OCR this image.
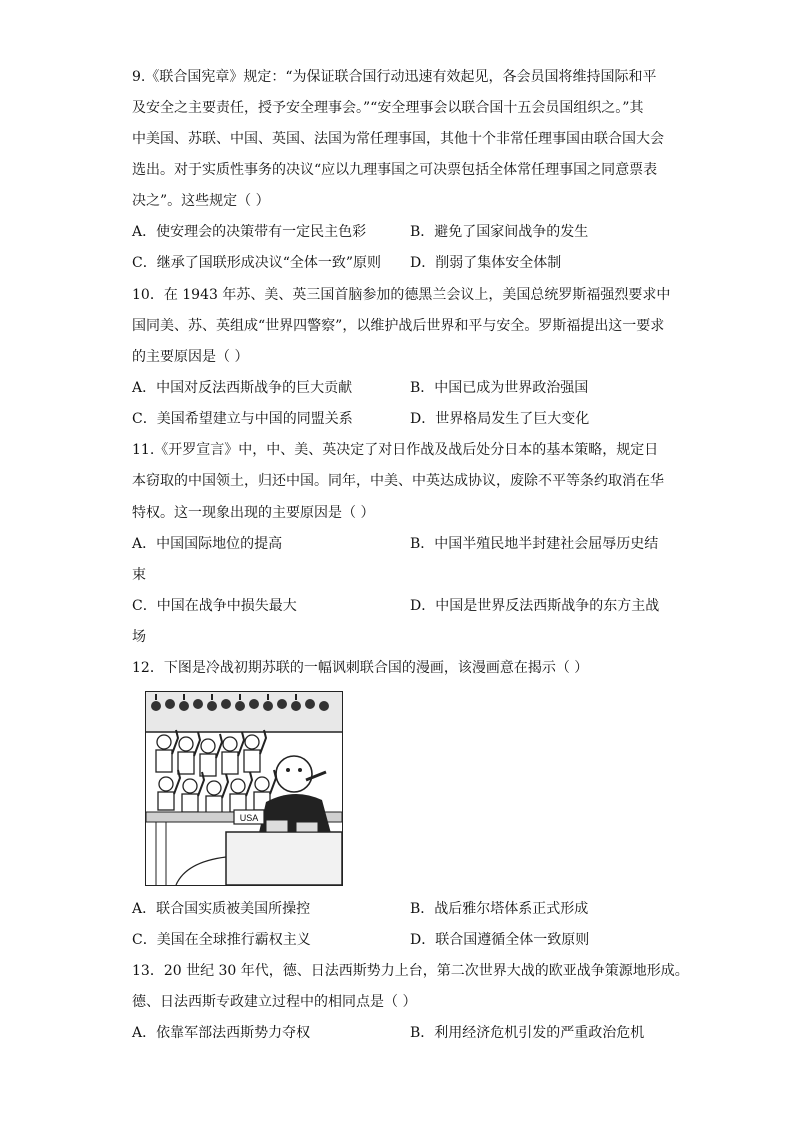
9.《联合国宪章》规定：“为保证联合国行动迅速有效起见，各会员国将维持国际和平
及安全之主要责任，授予安全理事会。”“安全理事会以联合国十五会员国组织之。”其
中美国、苏联、中国、英国、法国为常任理事国，其他十个非常任理事国由联合国大会
选出。对于实质性事务的决议“应以九理事国之可决票包括全体常任理事国之同意票表
决之”。这些规定（ ）
A．使安理会的决策带有一定民主色彩	B．避免了国家间战争的发生
C．继承了国联形成决议“全体一致”原则 D．削弱了集体安全体制
10．在 1943 年苏、美、英三国首脑参加的德黑兰会议上，美国总统罗斯福强烈要求中
国同美、苏、英组成“世界四警察”，以维护战后世界和平与安全。罗斯福提出这一要求
的主要原因是（ ）
A．中国对反法西斯战争的巨大贡献	B．中国已成为世界政治强国
C．美国希望建立与中国的同盟关系	D．世界格局发生了巨大变化
11.《开罗宣言》中，中、美、英决定了对日作战及战后处分日本的基本策略，规定日
本窃取的中国领土，归还中国。同年，中美、中英达成协议，废除不平等条约取消在华
特权。这一现象出现的主要原因是（ ）
A．中国国际地位的提高	B．中国半殖民地半封建社会屈辱历史结
束
C．中国在战争中损失最大	D．中国是世界反法西斯战争的东方主战
场
12．下图是冷战初期苏联的一幅讽刺联合国的漫画，该漫画意在揭示（ ）
USA
A．联合国实质被美国所操控	B．战后雅尔塔体系正式形成
C．美国在全球推行霸权主义	D．联合国遵循全体一致原则
13．20 世纪 30 年代，德、日法西斯势力上台，第二次世界大战的欧亚战争策源地形成。
德、日法西斯专政建立过程中的相同点是（ ）
A．依靠军部法西斯势力夺权	B．利用经济危机引发的严重政治危机
